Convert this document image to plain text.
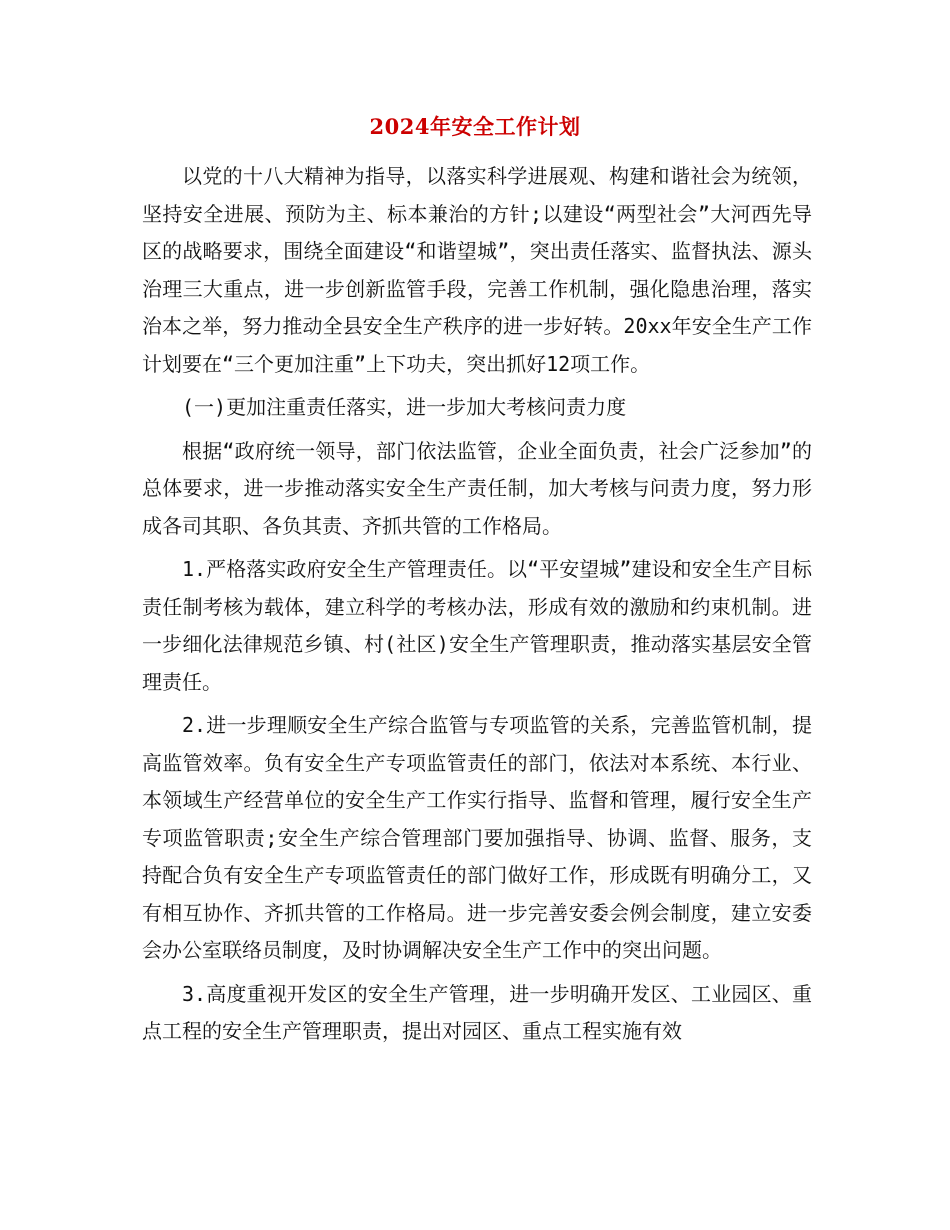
2024年安全工作计划

以党的十八大精神为指导，以落实科学进展观、构建和谐社会为统领，坚持安全进展、预防为主、标本兼治的方针;以建设“两型社会”大河西先导区的战略要求，围绕全面建设“和谐望城”，突出责任落实、监督执法、源头治理三大重点，进一步创新监管手段，完善工作机制，强化隐患治理，落实治本之举，努力推动全县安全生产秩序的进一步好转。20xx年安全生产工作计划要在“三个更加注重”上下功夫，突出抓好12项工作。

(一)更加注重责任落实，进一步加大考核问责力度

根据“政府统一领导，部门依法监管，企业全面负责，社会广泛参加”的总体要求，进一步推动落实安全生产责任制，加大考核与问责力度，努力形成各司其职、各负其责、齐抓共管的工作格局。

1.严格落实政府安全生产管理责任。以“平安望城”建设和安全生产目标责任制考核为载体，建立科学的考核办法，形成有效的激励和约束机制。进一步细化法律规范乡镇、村(社区)安全生产管理职责，推动落实基层安全管理责任。

2.进一步理顺安全生产综合监管与专项监管的关系，完善监管机制，提高监管效率。负有安全生产专项监管责任的部门，依法对本系统、本行业、本领域生产经营单位的安全生产工作实行指导、监督和管理，履行安全生产专项监管职责;安全生产综合管理部门要加强指导、协调、监督、服务，支持配合负有安全生产专项监管责任的部门做好工作，形成既有明确分工，又有相互协作、齐抓共管的工作格局。进一步完善安委会例会制度，建立安委会办公室联络员制度，及时协调解决安全生产工作中的突出问题。

3.高度重视开发区的安全生产管理，进一步明确开发区、工业园区、重点工程的安全生产管理职责，提出对园区、重点工程实施有效
